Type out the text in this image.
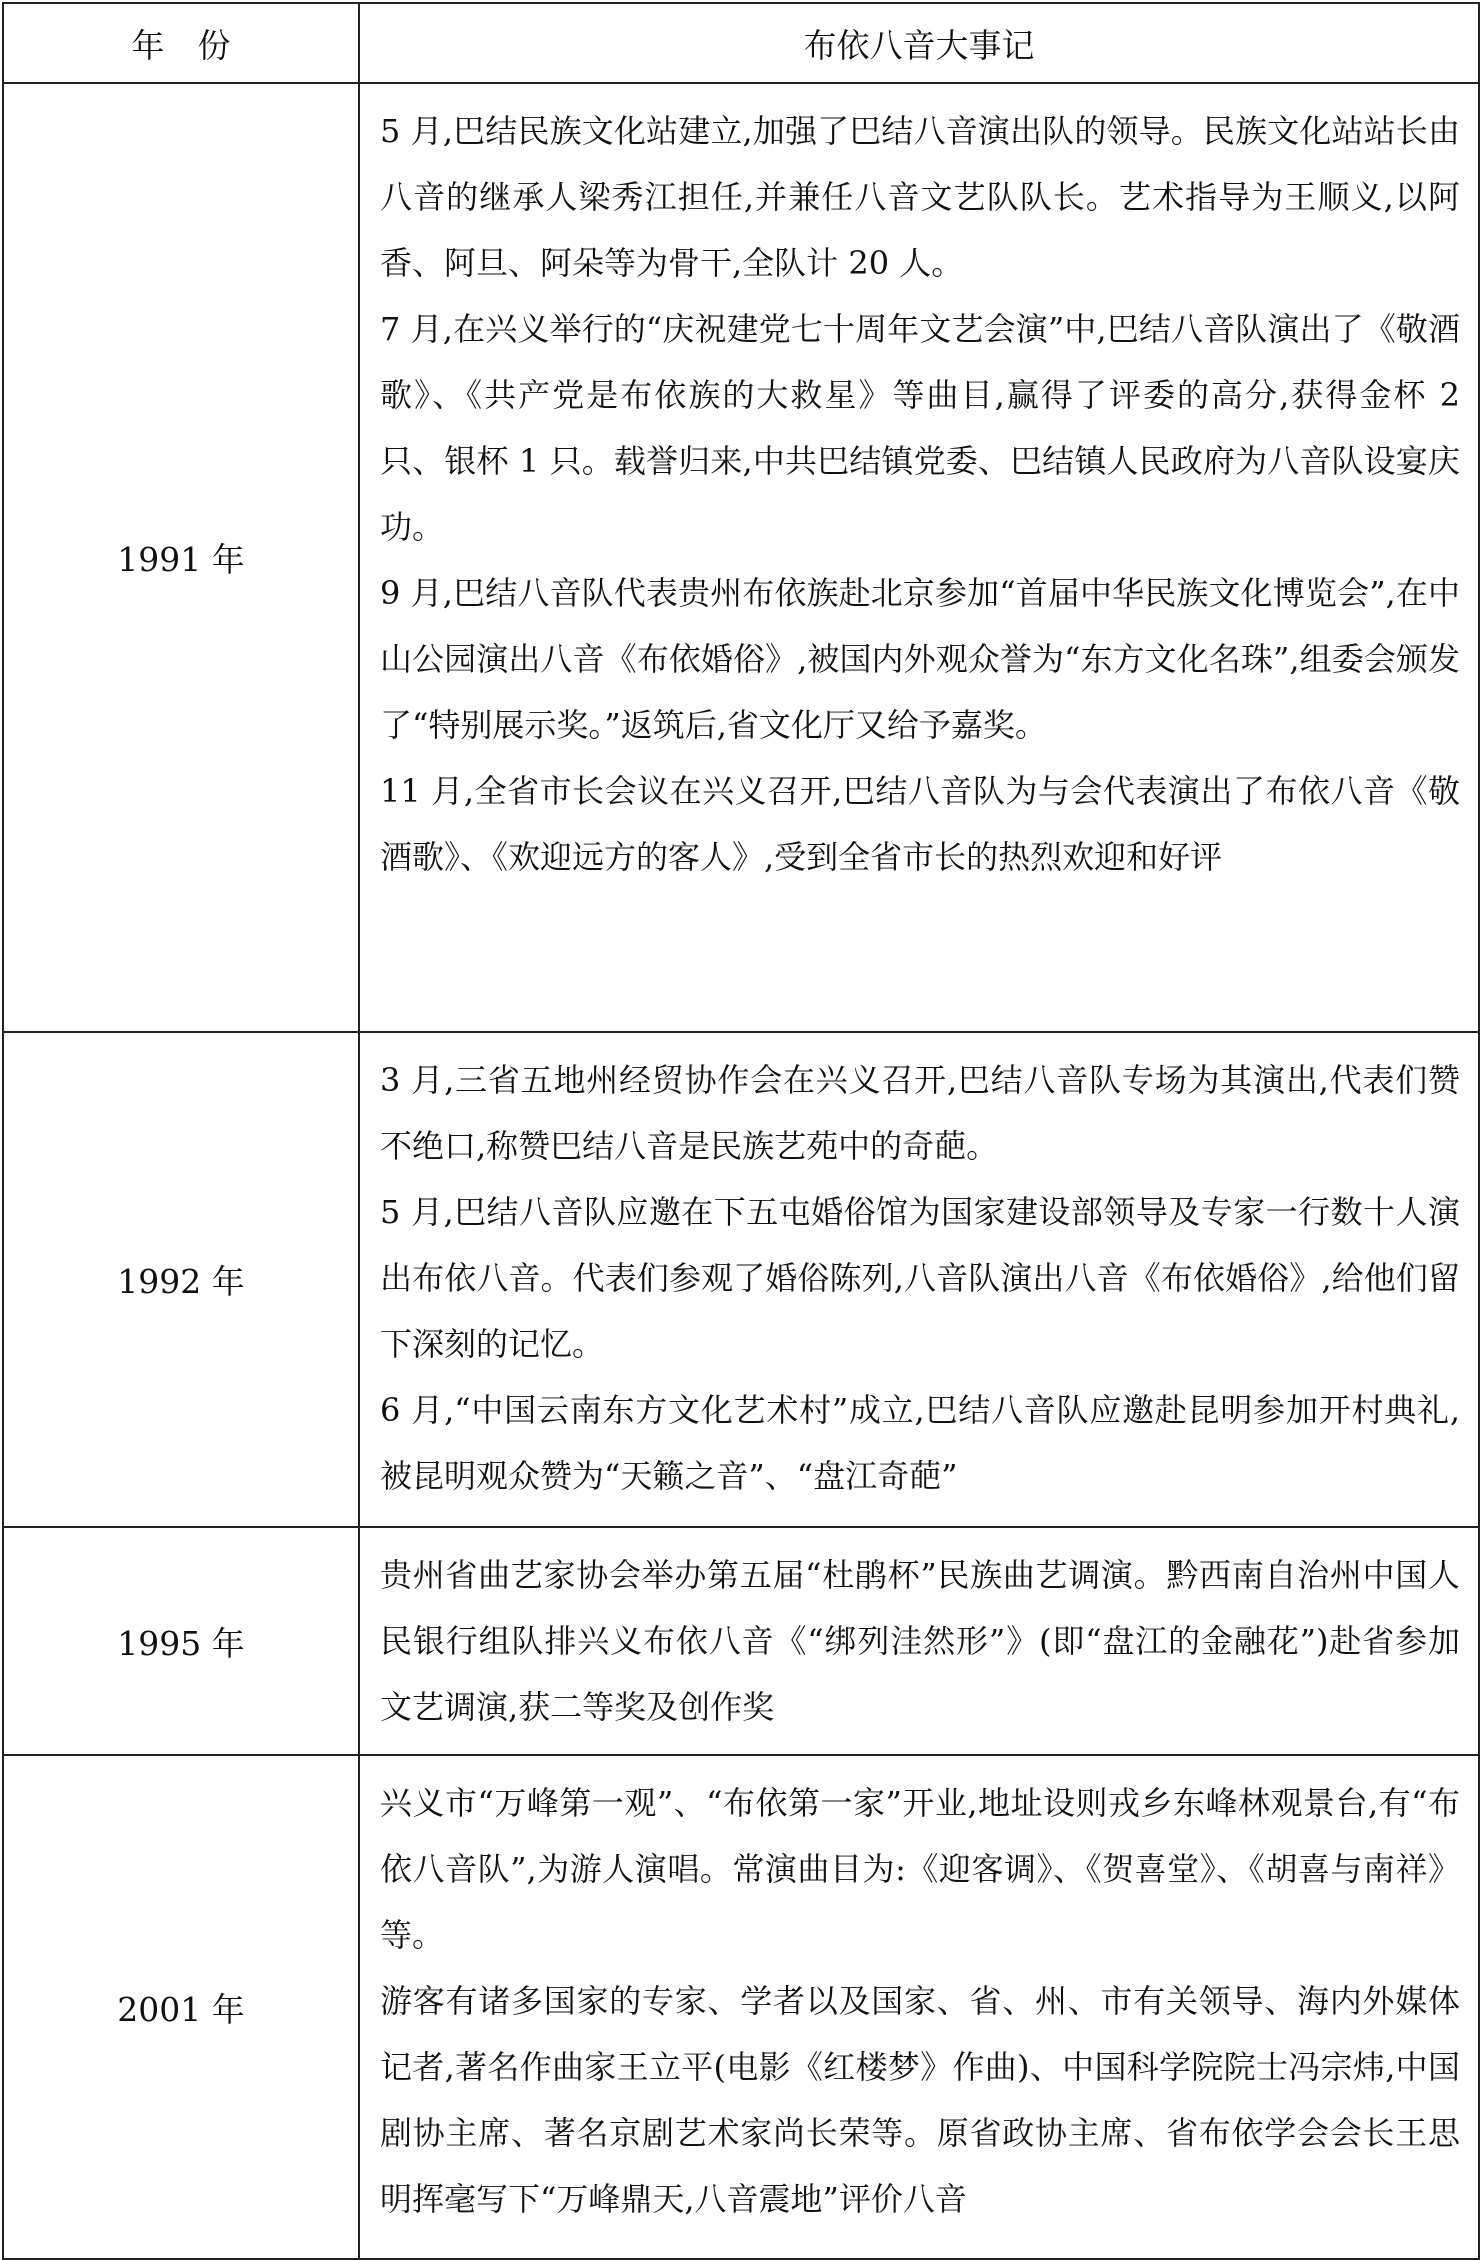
年　份	布依八音大事记
1991 年	5 月,巴结民族文化站建立,加强了巴结八音演出队的领导。民族文化站站长由八音的继承人梁秀江担任,并兼任八音文艺队队长。艺术指导为王顺义,以阿香、阿旦、阿朵等为骨干,全队计 20 人。

7 月,在兴义举行的“庆祝建党七十周年文艺会演”中,巴结八音队演出了《敬酒歌》、《共产党是布依族的大救星》等曲目,赢得了评委的高分,获得金杯 2 只、银杯 1 只。载誉归来,中共巴结镇党委、巴结镇人民政府为八音队设宴庆功。

9 月,巴结八音队代表贵州布依族赴北京参加“首届中华民族文化博览会”,在中山公园演出八音《布依婚俗》,被国内外观众誉为“东方文化名珠”,组委会颁发了“特别展示奖。”返筑后,省文化厅又给予嘉奖。

11 月,全省市长会议在兴义召开,巴结八音队为与会代表演出了布依八音《敬酒歌》、《欢迎远方的客人》,受到全省市长的热烈欢迎和好评

1992 年	3 月,三省五地州经贸协作会在兴义召开,巴结八音队专场为其演出,代表们赞不绝口,称赞巴结八音是民族艺苑中的奇葩。

5 月,巴结八音队应邀在下五屯婚俗馆为国家建设部领导及专家一行数十人演出布依八音。代表们参观了婚俗陈列,八音队演出八音《布依婚俗》,给他们留下深刻的记忆。

6 月,“中国云南东方文化艺术村”成立,巴结八音队应邀赴昆明参加开村典礼,被昆明观众赞为“天籁之音”、“盘江奇葩”

1995 年	贵州省曲艺家协会举办第五届“杜鹃杯”民族曲艺调演。黔西南自治州中国人民银行组队排兴义布依八音《“绑列洼然形”》(即“盘江的金融花”)赴省参加文艺调演,获二等奖及创作奖

2001 年	兴义市“万峰第一观”、“布依第一家”开业,地址设则戎乡东峰林观景台,有“布依八音队”,为游人演唱。常演曲目为:《迎客调》、《贺喜堂》、《胡喜与南祥》等。

游客有诸多国家的专家、学者以及国家、省、州、市有关领导、海内外媒体记者,著名作曲家王立平(电影《红楼梦》作曲)、中国科学院院士冯宗炜,中国剧协主席、著名京剧艺术家尚长荣等。原省政协主席、省布依学会会长王思明挥毫写下“万峰鼎天,八音震地”评价八音
